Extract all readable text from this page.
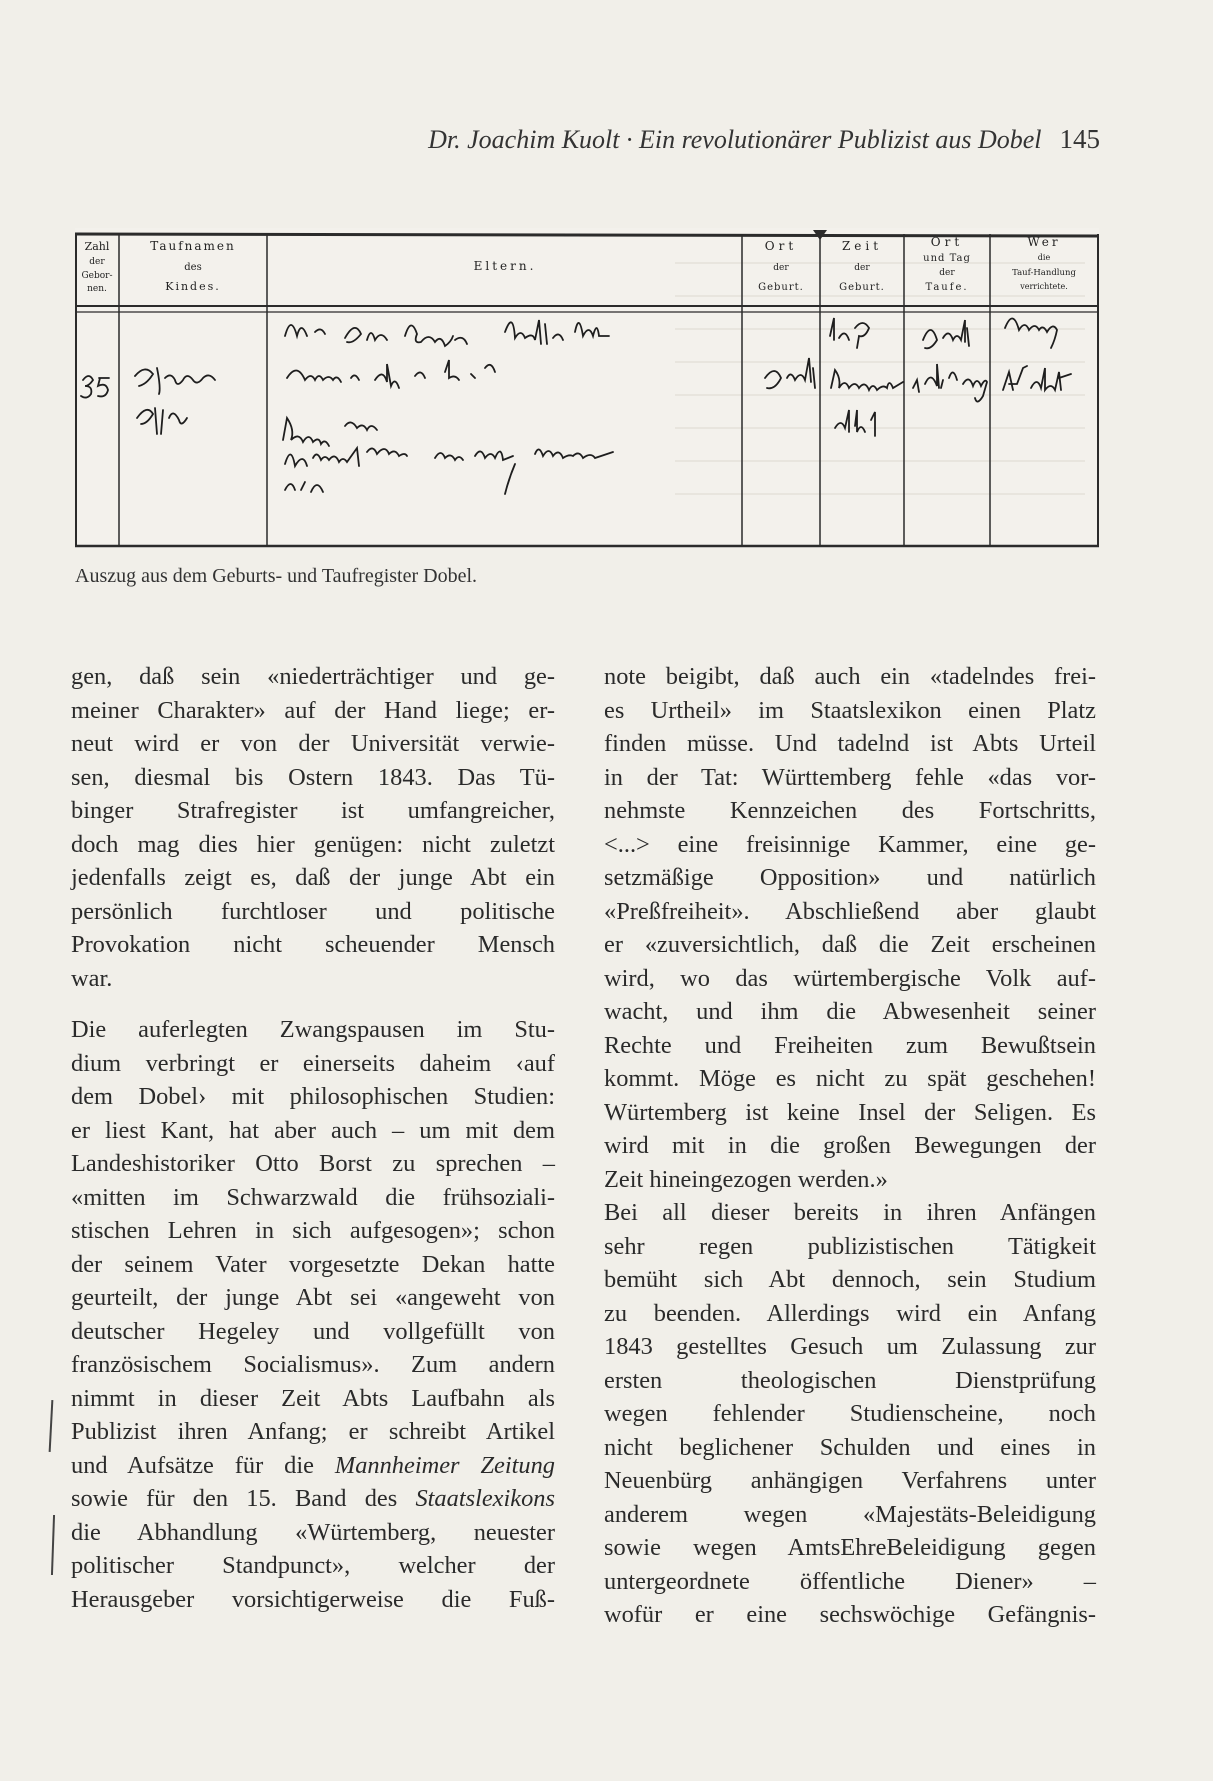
Dr. Joachim Kuolt · Ein revolutionärer Publizist aus Dobel 145
Zahl
der
Gebor-
nen.
Taufnamen
des
Kindes.
Eltern.
Ort
der
Geburt.
Zeit
der
Geburt.
Ort
und Tag
der
Taufe.
Wer
die
Tauf-Handlung
verrichtete.
Auszug aus dem Geburts- und Taufregister Dobel.
gen, daß sein «niederträchtiger und ge-
meiner Charakter» auf der Hand liege; er-
neut wird er von der Universität verwie-
sen, diesmal bis Ostern 1843. Das Tü-
binger Strafregister ist umfangreicher,
doch mag dies hier genügen: nicht zuletzt
jedenfalls zeigt es, daß der junge Abt ein
persönlich furchtloser und politische
Provokation nicht scheuender Mensch
war.
Die auferlegten Zwangspausen im Stu-
dium verbringt er einerseits daheim ‹auf
dem Dobel› mit philosophischen Studien:
er liest Kant, hat aber auch – um mit dem
Landeshistoriker Otto Borst zu sprechen –
«mitten im Schwarzwald die frühsoziali-
stischen Lehren in sich aufgesogen»; schon
der seinem Vater vorgesetzte Dekan hatte
geurteilt, der junge Abt sei «angeweht von
deutscher Hegeley und vollgefüllt von
französischem Socialismus». Zum andern
nimmt in dieser Zeit Abts Laufbahn als
Publizist ihren Anfang; er schreibt Artikel
und Aufsätze für die Mannheimer Zeitung
sowie für den 15. Band des Staatslexikons
die Abhandlung «Würtemberg, neuester
politischer Standpunct», welcher der
Herausgeber vorsichtigerweise die Fuß-
note beigibt, daß auch ein «tadelndes frei-
es Urtheil» im Staatslexikon einen Platz
finden müsse. Und tadelnd ist Abts Urteil
in der Tat: Württemberg fehle «das vor-
nehmste Kennzeichen des Fortschritts,
<...> eine freisinnige Kammer, eine ge-
setzmäßige Opposition» und natürlich
«Preßfreiheit». Abschließend aber glaubt
er «zuversichtlich, daß die Zeit erscheinen
wird, wo das würtembergische Volk auf-
wacht, und ihm die Abwesenheit seiner
Rechte und Freiheiten zum Bewußtsein
kommt. Möge es nicht zu spät geschehen!
Würtemberg ist keine Insel der Seligen. Es
wird mit in die großen Bewegungen der
Zeit hineingezogen werden.»
Bei all dieser bereits in ihren Anfängen
sehr regen publizistischen Tätigkeit
bemüht sich Abt dennoch, sein Studium
zu beenden. Allerdings wird ein Anfang
1843 gestelltes Gesuch um Zulassung zur
ersten theologischen Dienstprüfung
wegen fehlender Studienscheine, noch
nicht beglichener Schulden und eines in
Neuenbürg anhängigen Verfahrens unter
anderem wegen «Majestäts-Beleidigung
sowie wegen AmtsEhreBeleidigung gegen
untergeordnete öffentliche Diener» –
wofür er eine sechswöchige Gefängnis-
